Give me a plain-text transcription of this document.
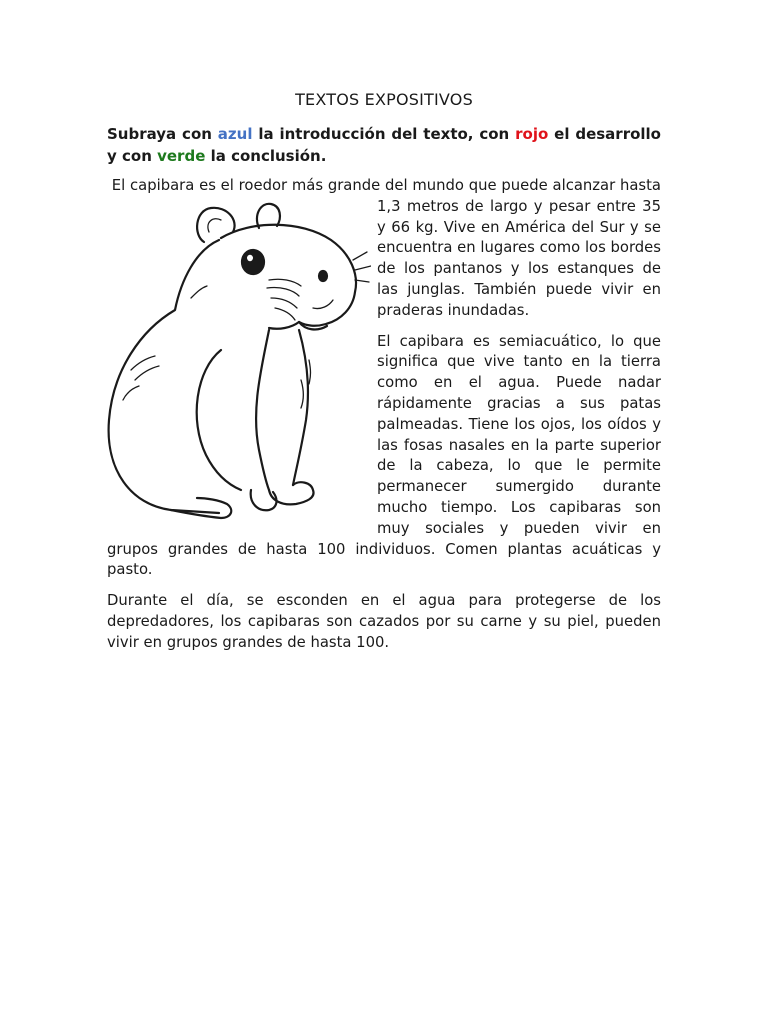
TEXTOS EXPOSITIVOS
Subraya con azul la introducción del texto, con rojo el desarrollo y con verde la conclusión.

El capibara es el roedor más grande del mundo que puede alcanzar hasta 1,3 metros de largo y pesar entre 35 y 66 kg. Vive en América del Sur y se encuentra en lugares como los bordes de los pantanos y los estanques de las junglas. También puede vivir en praderas inundadas.

El capibara es semiacuático, lo que significa que vive tanto en la tierra como en el agua. Puede nadar rápidamente gracias a sus patas palmeadas. Tiene los ojos, los oídos y las fosas nasales en la parte superior de la cabeza, lo que le permite permanecer sumergido durante mucho tiempo. Los capibaras son muy sociales y pueden vivir en grupos grandes de hasta 100 individuos. Comen plantas acuáticas y pasto.

Durante el día, se esconden en el agua para protegerse de los depredadores, los capibaras son cazados por su carne y su piel, pueden vivir en grupos grandes de hasta 100.
